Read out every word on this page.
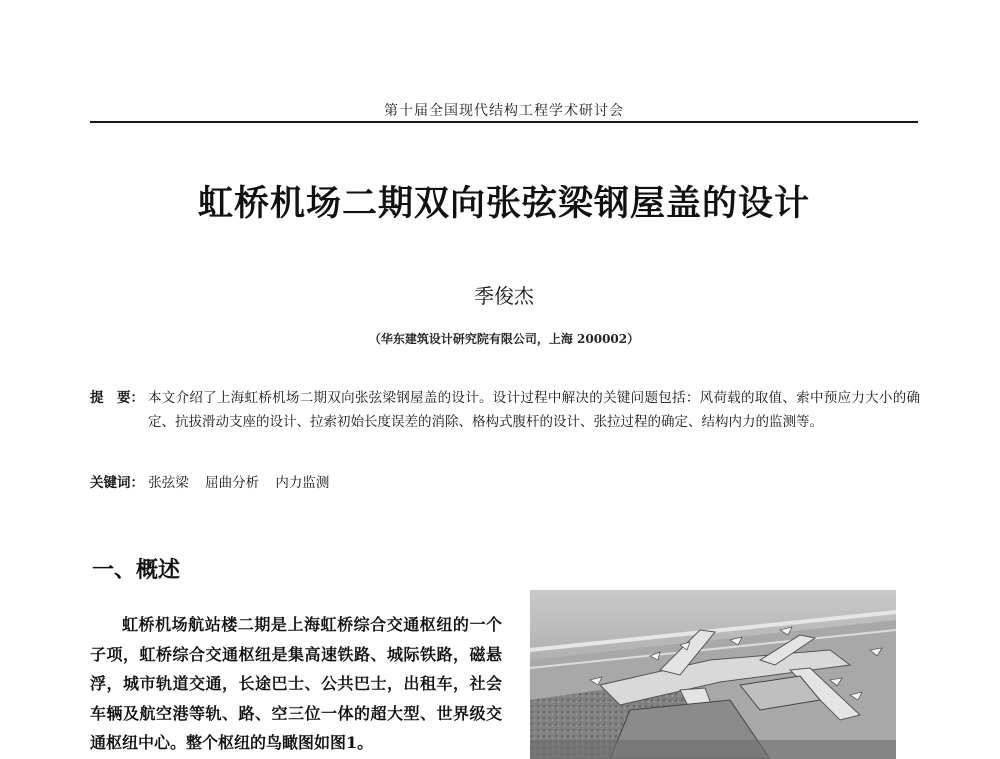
第十届全国现代结构工程学术研讨会
虹桥机场二期双向张弦梁钢屋盖的设计
季俊杰
（华东建筑设计研究院有限公司，上海 200002）
提　要： 本文介绍了上海虹桥机场二期双向张弦梁钢屋盖的设计。设计过程中解决的关键问题包括：风荷载的取值、索中预应力大小的确定、抗拔滑动支座的设计、拉索初始长度误差的消除、格构式腹杆的设计、张拉过程的确定、结构内力的监测等。
关键词： 张弦梁 屈曲分析 内力监测
一、概述
虹桥机场航站楼二期是上海虹桥综合交通枢纽的一个子项，虹桥综合交通枢纽是集高速铁路、城际铁路，磁悬浮，城市轨道交通，长途巴士、公共巴士，出租车，社会车辆及航空港等轨、路、空三位一体的超大型、世界级交通枢纽中心。整个枢纽的鸟瞰图如图1。
